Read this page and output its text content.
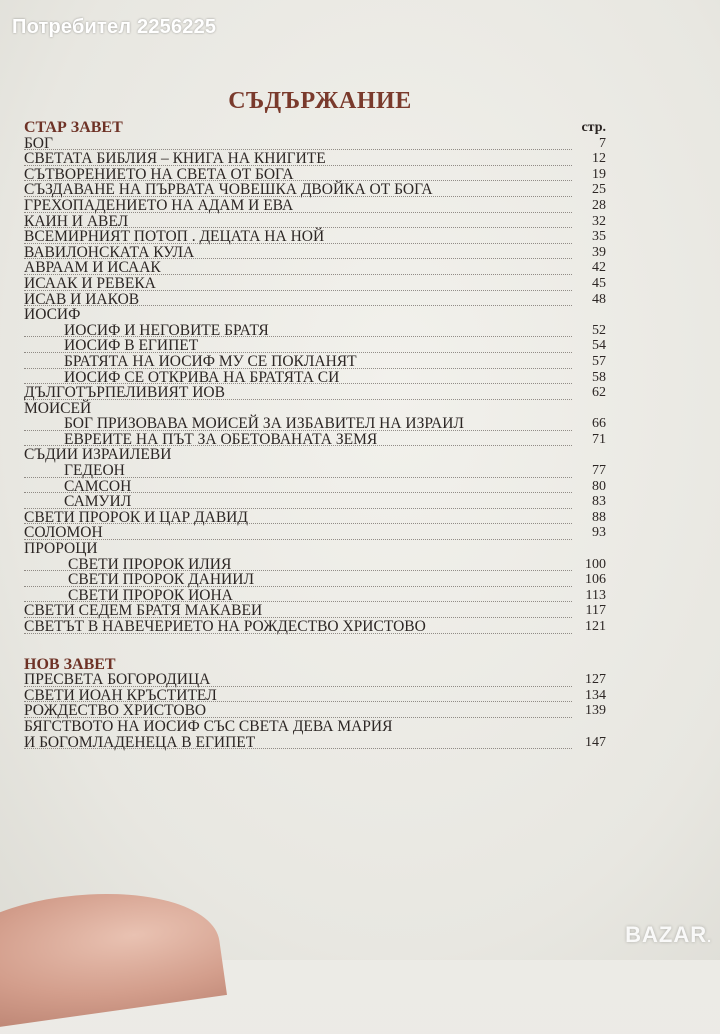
Потребител 2256225
СЪДЪРЖАНИЕ
СТАР ЗАВЕТ	стр.
БОГ	7
СВЕТАТА БИБЛИЯ – КНИГА НА КНИГИТЕ	12
СЪТВОРЕНИЕТО НА СВЕТА ОТ БОГА	19
СЪЗДАВАНЕ НА ПЪРВАТА ЧОВЕШКА ДВОЙКА ОТ БОГА	25
ГРЕХОПАДЕНИЕТО НА АДАМ И ЕВА	28
КАИН И АВЕЛ	32
ВСЕМИРНИЯТ ПОТОП . ДЕЦАТА НА НОЙ	35
ВАВИЛОНСКАТА КУЛА	39
АВРААМ И ИСААК	42
ИСААК И РЕВЕКА	45
ИСАВ И ИАКОВ	48
ИОСИФ
ИОСИФ И НЕГОВИТЕ БРАТЯ	52
ИОСИФ В ЕГИПЕТ	54
БРАТЯТА НА ИОСИФ МУ СЕ ПОКЛАНЯТ	57
ИОСИФ СЕ ОТКРИВА НА БРАТЯТА СИ	58
ДЪЛГОТЪРПЕЛИВИЯТ ИОВ	62
МОИСЕЙ
БОГ ПРИЗОВАВА МОИСЕЙ ЗА ИЗБАВИТЕЛ НА ИЗРАИЛ	66
ЕВРЕИТЕ НА ПЪТ ЗА ОБЕТОВАНАТА ЗЕМЯ	71
СЪДИИ ИЗРАИЛЕВИ
ГЕДЕОН	77
САМСОН	80
САМУИЛ	83
СВЕТИ ПРОРОК И ЦАР ДАВИД	88
СОЛОМОН	93
ПРОРОЦИ
СВЕТИ ПРОРОК ИЛИЯ	100
СВЕТИ ПРОРОК ДАНИИЛ	106
СВЕТИ ПРОРОК ИОНА	113
СВЕТИ СЕДЕМ БРАТЯ МАКАВЕИ	117
СВЕТЪТ В НАВЕЧЕРИЕТО НА РОЖДЕСТВО ХРИСТОВО	121
НОВ ЗАВЕТ
ПРЕСВЕТА БОГОРОДИЦА	127
СВЕТИ ИОАН КРЪСТИТЕЛ	134
РОЖДЕСТВО ХРИСТОВО	139
БЯГСТВОТО НА ИОСИФ СЪС СВЕТА ДЕВА МАРИЯ
И БОГОМЛАДЕНЕЦА В ЕГИПЕТ	147
BAZAR.
